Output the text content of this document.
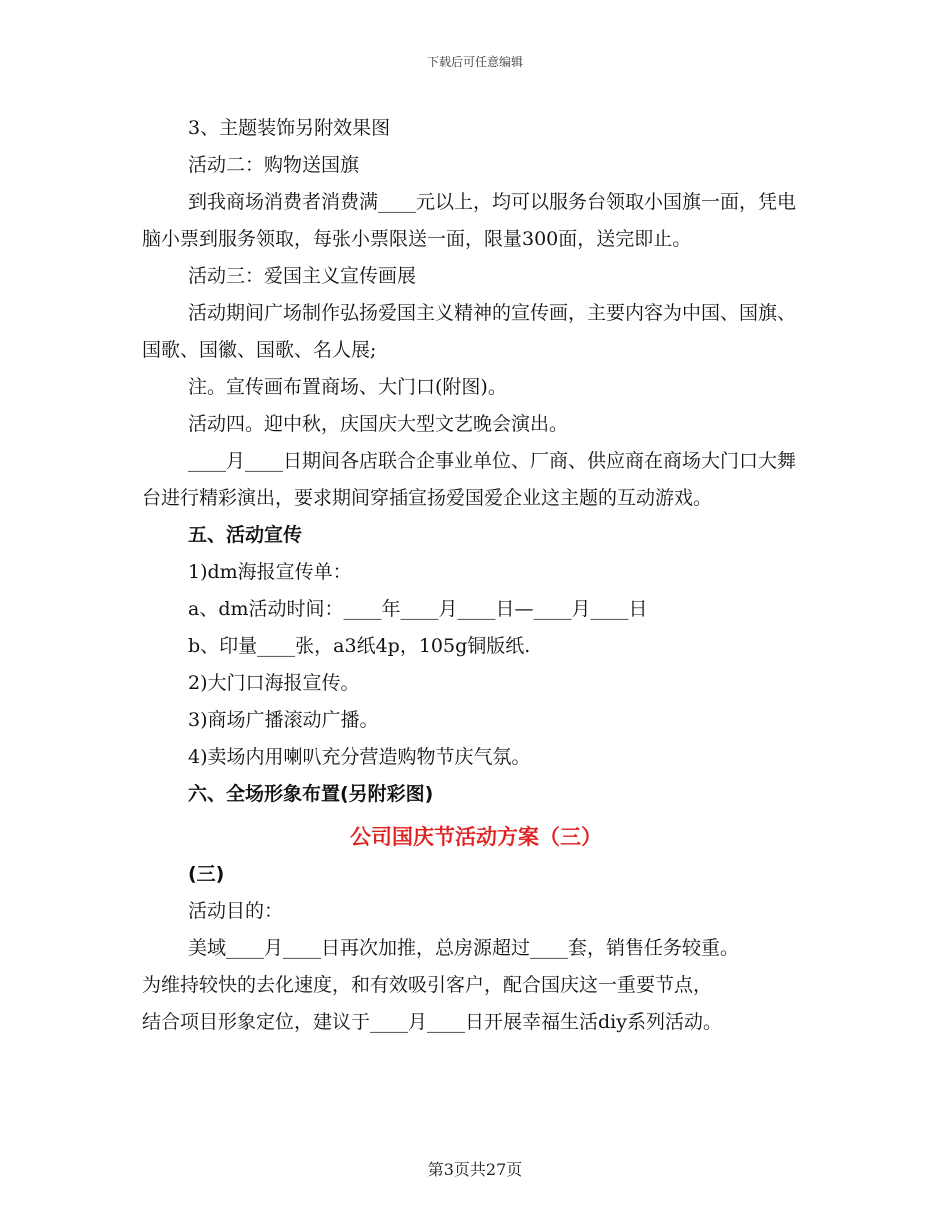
下载后可任意编辑

3、主题装饰另附效果图

活动二：购物送国旗

到我商场消费者消费满____元以上，均可以服务台领取小国旗一面，凭电脑小票到服务领取，每张小票限送一面，限量300面，送完即止。

活动三：爱国主义宣传画展

活动期间广场制作弘扬爱国主义精神的宣传画，主要内容为中国、国旗、国歌、国徽、国歌、名人展;

注。宣传画布置商场、大门口(附图)。

活动四。迎中秋，庆国庆大型文艺晚会演出。

____月____日期间各店联合企事业单位、厂商、供应商在商场大门口大舞台进行精彩演出，要求期间穿插宣扬爱国爱企业这主题的互动游戏。

五、活动宣传

1)dm海报宣传单：

a、dm活动时间：____年____月____日—____月____日

b、印量____张，a3纸4p，105g铜版纸.

2)大门口海报宣传。

3)商场广播滚动广播。

4)卖场内用喇叭充分营造购物节庆气氛。

六、全场形象布置(另附彩图)

公司国庆节活动方案（三）

(三)

活动目的：

美域____月____日再次加推，总房源超过____套，销售任务较重。

为维持较快的去化速度，和有效吸引客户，配合国庆这一重要节点，

结合项目形象定位，建议于____月____日开展幸福生活diy系列活动。

第3页共27页
